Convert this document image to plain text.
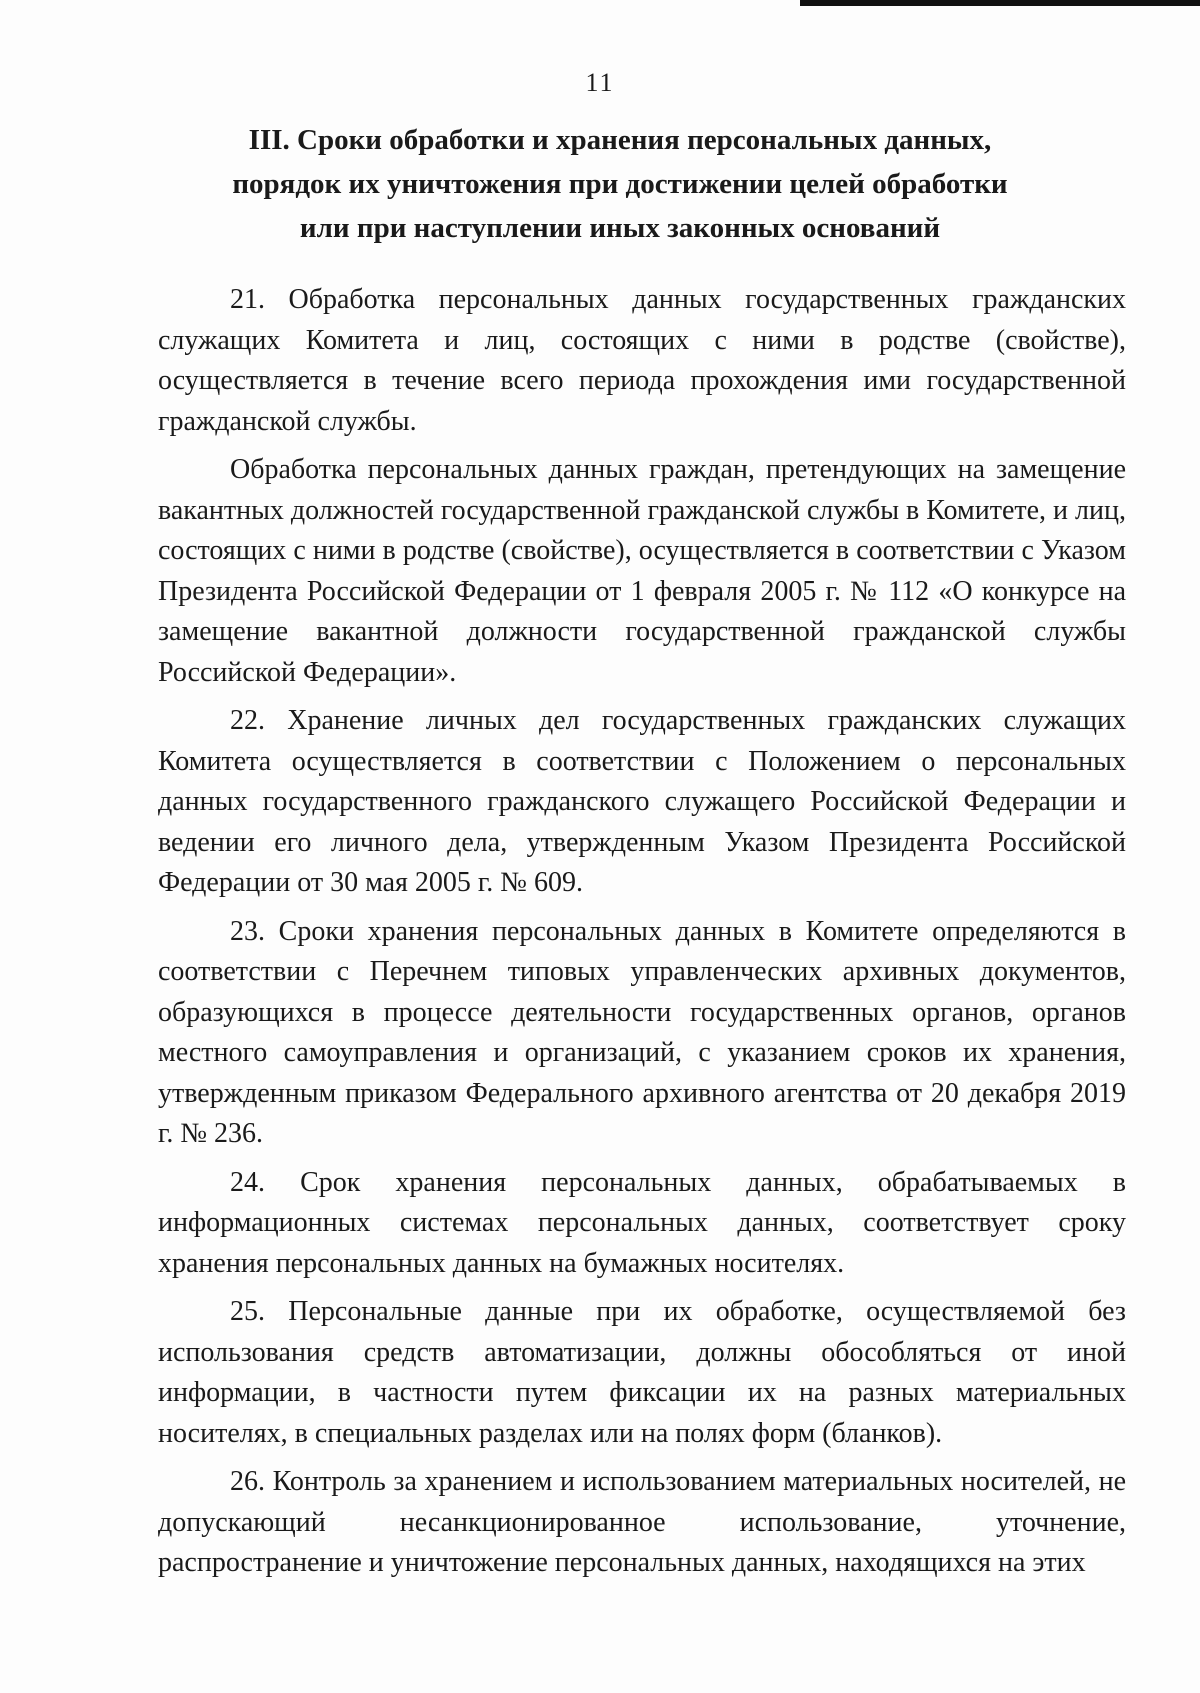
11
III. Сроки обработки и хранения персональных данных,
порядок их уничтожения при достижении целей обработки
или при наступлении иных законных оснований

21. Обработка персональных данных государственных гражданских служащих Комитета и лиц, состоящих с ними в родстве (свойстве), осуществляется в течение всего периода прохождения ими государственной гражданской службы.

Обработка персональных данных граждан, претендующих на замещение вакантных должностей государственной гражданской службы в Комитете, и лиц, состоящих с ними в родстве (свойстве), осуществляется в соответствии с Указом Президента Российской Федерации от 1 февраля 2005 г. № 112 «О конкурсе на замещение вакантной должности государственной гражданской службы Российской Федерации».

22. Хранение личных дел государственных гражданских служащих Комитета осуществляется в соответствии с Положением о персональных данных государственного гражданского служащего Российской Федерации и ведении его личного дела, утвержденным Указом Президента Российской Федерации от 30 мая 2005 г. № 609.

23. Сроки хранения персональных данных в Комитете определяются в соответствии с Перечнем типовых управленческих архивных документов, образующихся в процессе деятельности государственных органов, органов местного самоуправления и организаций, с указанием сроков их хранения, утвержденным приказом Федерального архивного агентства от 20 декабря 2019 г. № 236.

24. Срок хранения персональных данных, обрабатываемых в информационных системах персональных данных, соответствует сроку хранения персональных данных на бумажных носителях.

25. Персональные данные при их обработке, осуществляемой без использования средств автоматизации, должны обособляться от иной информации, в частности путем фиксации их на разных материальных носителях, в специальных разделах или на полях форм (бланков).

26. Контроль за хранением и использованием материальных носителей, не допускающий несанкционированное использование, уточнение, распространение и уничтожение персональных данных, находящихся на этих
